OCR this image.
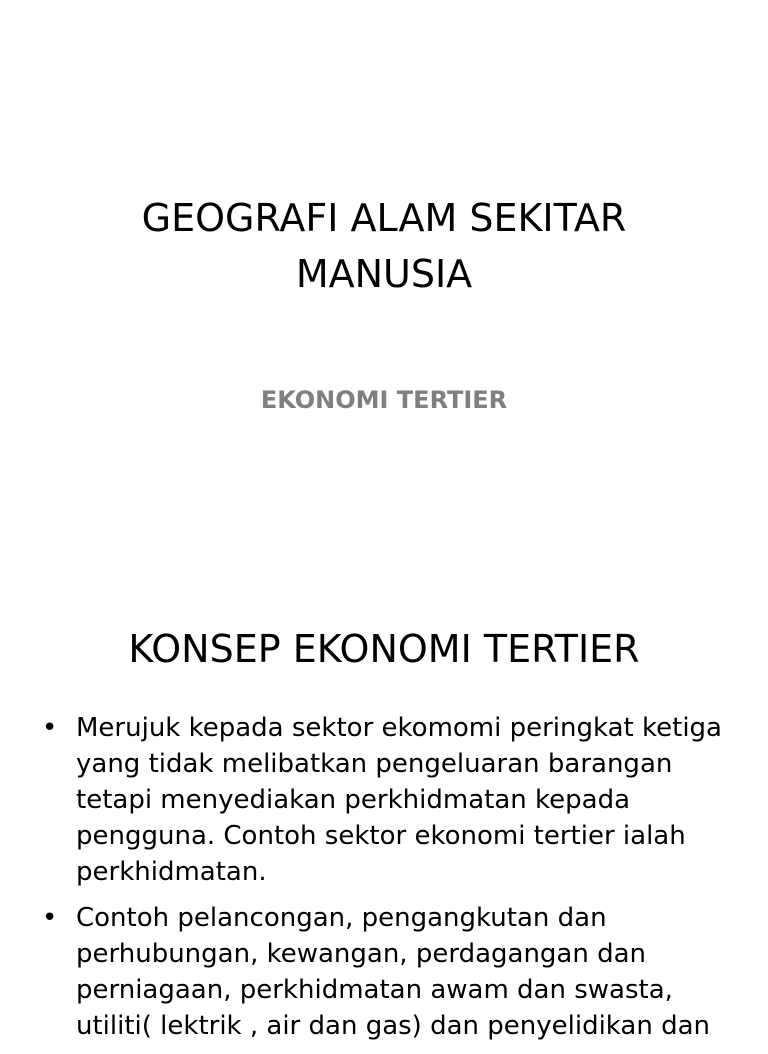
GEOGRAFI ALAM SEKITAR
MANUSIA
EKONOMI TERTIER
KONSEP EKONOMI TERTIER
• Merujuk kepada sektor ekomomi peringkat ketiga
yang tidak melibatkan pengeluaran barangan
tetapi menyediakan perkhidmatan kepada
pengguna. Contoh sektor ekonomi tertier ialah
perkhidmatan.
• Contoh pelancongan, pengangkutan dan
perhubungan, kewangan, perdagangan dan
perniagaan, perkhidmatan awam dan swasta,
utiliti( lektrik , air dan gas) dan penyelidikan dan
